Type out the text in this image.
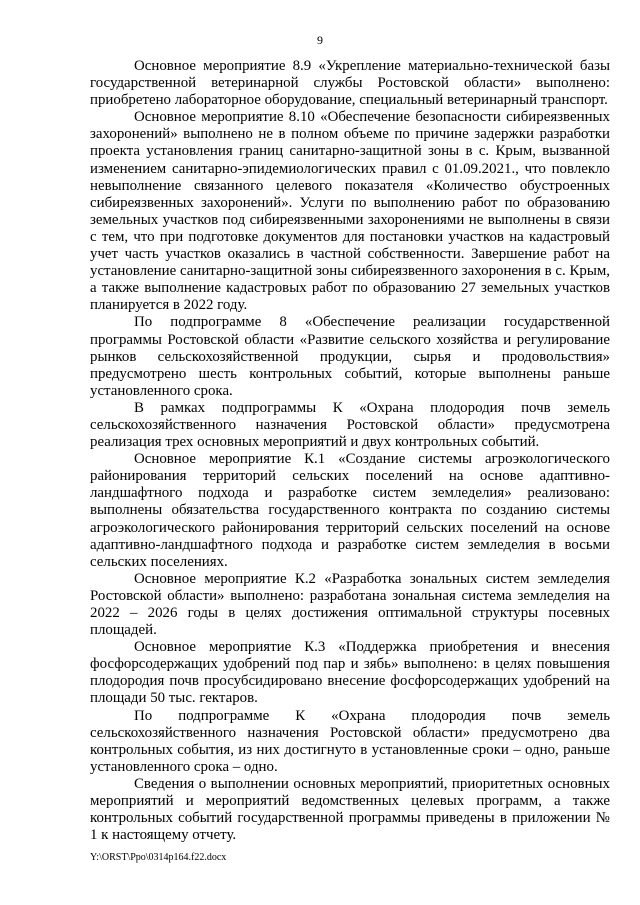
9

Основное мероприятие 8.9 «Укрепление материально-технической базы государственной ветеринарной службы Ростовской области» выполнено: приобретено лабораторное оборудование, специальный ветеринарный транспорт.

Основное мероприятие 8.10 «Обеспечение безопасности сибиреязвенных захоронений» выполнено не в полном объеме по причине задержки разработки проекта установления границ санитарно-защитной зоны в с. Крым, вызванной изменением санитарно-эпидемиологических правил с 01.09.2021., что повлекло невыполнение связанного целевого показателя «Количество обустроенных сибиреязвенных захоронений». Услуги по выполнению работ по образованию земельных участков под сибиреязвенными захоронениями не выполнены в связи с тем, что при подготовке документов для постановки участков на кадастровый учет часть участков оказались в частной собственности. Завершение работ на установление санитарно-защитной зоны сибиреязвенного захоронения в с. Крым, а также выполнение кадастровых работ по образованию 27 земельных участков планируется в 2022 году.

По подпрограмме 8 «Обеспечение реализации государственной программы Ростовской области «Развитие сельского хозяйства и регулирование рынков сельскохозяйственной продукции, сырья и продовольствия» предусмотрено шесть контрольных событий, которые выполнены раньше установленного срока.

В рамках подпрограммы К «Охрана плодородия почв земель сельскохозяйственного назначения Ростовской области» предусмотрена реализация трех основных мероприятий и двух контрольных событий.

Основное мероприятие К.1 «Создание системы агроэкологического районирования территорий сельских поселений на основе адаптивно-ландшафтного подхода и разработке систем земледелия» реализовано: выполнены обязательства государственного контракта по созданию системы агроэкологического районирования территорий сельских поселений на основе адаптивно-ландшафтного подхода и разработке систем земледелия в восьми сельских поселениях.

Основное мероприятие К.2 «Разработка зональных систем земледелия Ростовской области» выполнено: разработана зональная система земледелия на 2022 – 2026 годы в целях достижения оптимальной структуры посевных площадей.

Основное мероприятие К.3 «Поддержка приобретения и внесения фосфорсодержащих удобрений под пар и зябь» выполнено: в целях повышения плодородия почв просубсидировано внесение фосфорсодержащих удобрений на площади 50 тыс. гектаров.

По подпрограмме К «Охрана плодородия почв земель сельскохозяйственного назначения Ростовской области» предусмотрено два контрольных события, из них достигнуто в установленные сроки – одно, раньше установленного срока – одно.

Сведения о выполнении основных мероприятий, приоритетных основных мероприятий и мероприятий ведомственных целевых программ, а также контрольных событий государственной программы приведены в приложении № 1 к настоящему отчету.

Y:\ORST\Ppo\0314p164.f22.docx
